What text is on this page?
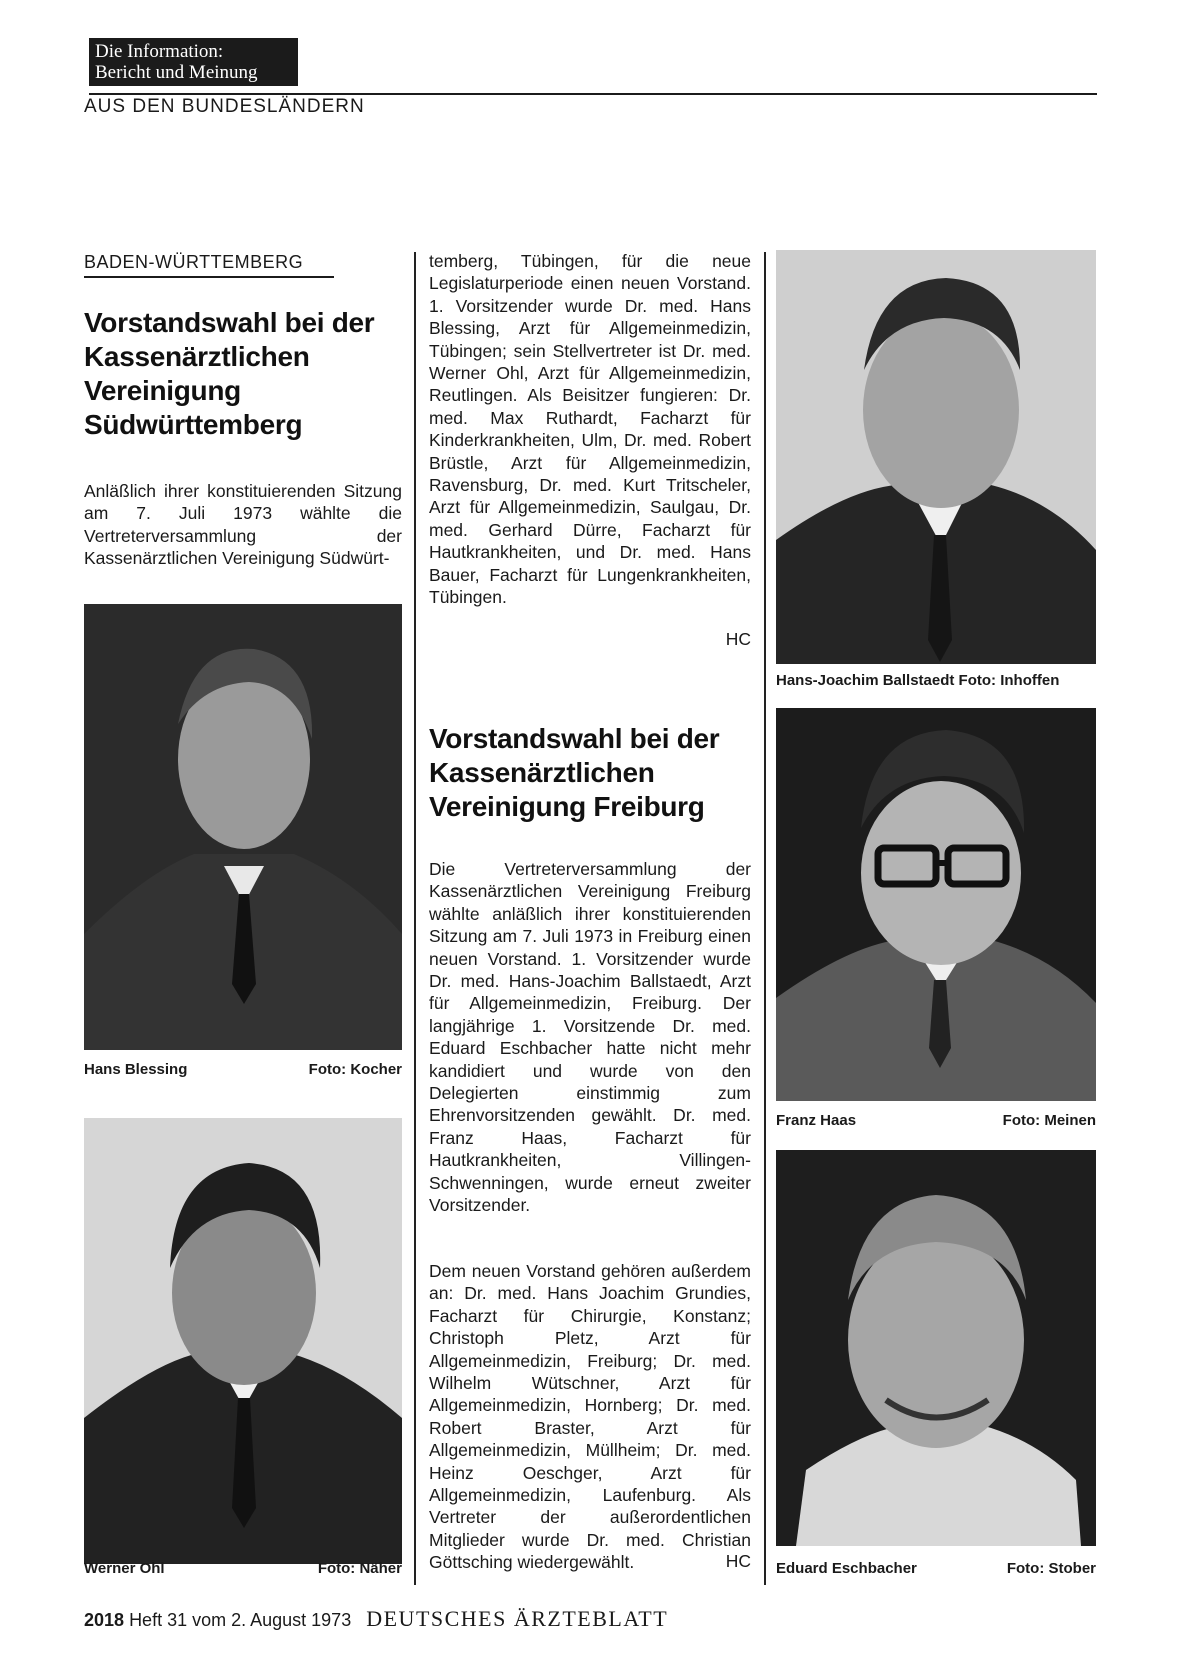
Die Information:
Bericht und Meinung
AUS DEN BUNDESLÄNDERN
BADEN-WÜRTTEMBERG
Vorstandswahl bei der Kassenärztlichen Vereinigung Südwürttemberg
Anläßlich ihrer konstituierenden Sitzung am 7. Juli 1973 wählte die Vertreterversammlung der Kassenärztlichen Vereinigung Südwürt-
Hans Blessing	Foto: Kocher
Werner Ohl	Foto: Näher
temberg, Tübingen, für die neue Legislaturperiode einen neuen Vorstand. 1. Vorsitzender wurde Dr. med. Hans Blessing, Arzt für Allgemeinmedizin, Tübingen; sein Stellvertreter ist Dr. med. Werner Ohl, Arzt für Allgemeinmedizin, Reutlingen. Als Beisitzer fungieren: Dr. med. Max Ruthardt, Facharzt für Kinderkrankheiten, Ulm, Dr. med. Robert Brüstle, Arzt für Allgemeinmedizin, Ravensburg, Dr. med. Kurt Tritscheler, Arzt für Allgemeinmedizin, Saulgau, Dr. med. Gerhard Dürre, Facharzt für Hautkrankheiten, und Dr. med. Hans Bauer, Facharzt für Lungenkrankheiten, Tübingen.
HC
Vorstandswahl bei der Kassenärztlichen Vereinigung Freiburg
Die Vertreterversammlung der Kassenärztlichen Vereinigung Freiburg wählte anläßlich ihrer konstituierenden Sitzung am 7. Juli 1973 in Freiburg einen neuen Vorstand. 1. Vorsitzender wurde Dr. med. Hans-Joachim Ballstaedt, Arzt für Allgemeinmedizin, Freiburg. Der langjährige 1. Vorsitzende Dr. med. Eduard Eschbacher hatte nicht mehr kandidiert und wurde von den Delegierten einstimmig zum Ehrenvorsitzenden gewählt. Dr. med. Franz Haas, Facharzt für Hautkrankheiten, Villingen-Schwenningen, wurde erneut zweiter Vorsitzender.
Dem neuen Vorstand gehören außerdem an: Dr. med. Hans Joachim Grundies, Facharzt für Chirurgie, Konstanz; Christoph Pletz, Arzt für Allgemeinmedizin, Freiburg; Dr. med. Wilhelm Wütschner, Arzt für Allgemeinmedizin, Hornberg; Dr. med. Robert Braster, Arzt für Allgemeinmedizin, Müllheim; Dr. med. Heinz Oeschger, Arzt für Allgemeinmedizin, Laufenburg. Als Vertreter der außerordentlichen Mitglieder wurde Dr. med. Christian Göttsching wiedergewählt.	HC
Hans-Joachim Ballstaedt Foto: Inhoffen
Franz Haas	Foto: Meinen
Eduard Eschbacher	Foto: Stober
2018 Heft 31 vom 2. August 1973 DEUTSCHES ÄRZTEBLATT
